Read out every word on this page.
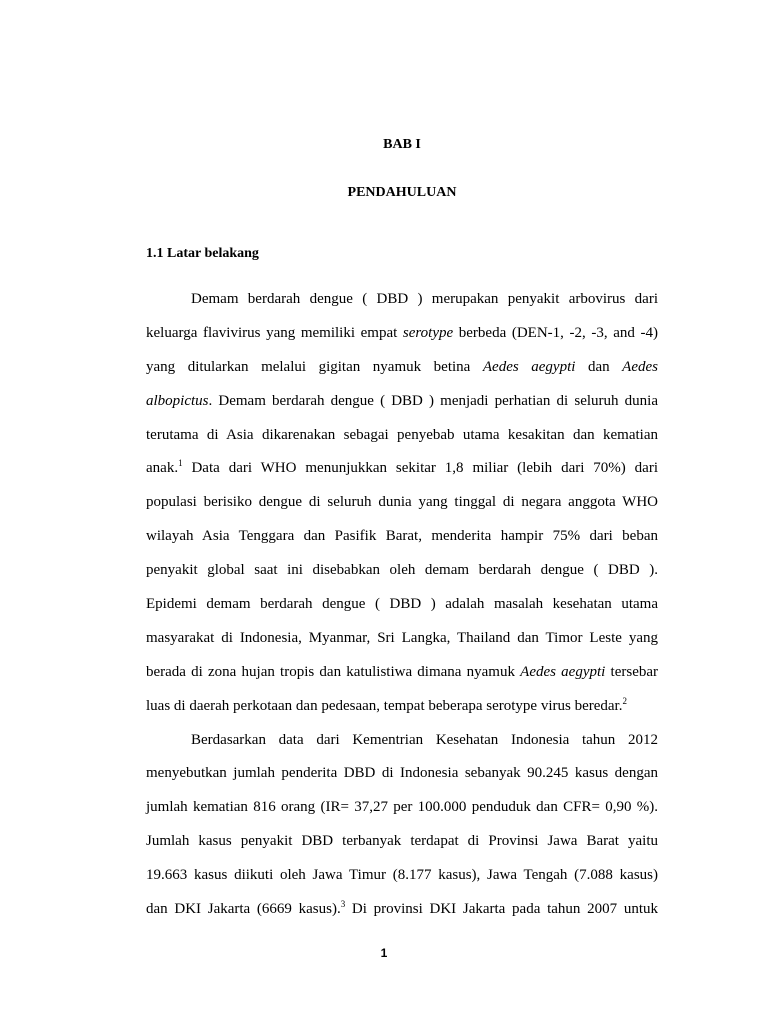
BAB I
PENDAHULUAN
1.1 Latar belakang
Demam berdarah dengue ( DBD ) merupakan penyakit arbovirus dari
keluarga flavivirus yang memiliki empat serotype berbeda (DEN-1, -2, -3, and -4)
yang ditularkan melalui gigitan nyamuk betina Aedes aegypti dan Aedes
albopictus. Demam berdarah dengue ( DBD ) menjadi perhatian di seluruh dunia
terutama di Asia dikarenakan sebagai penyebab utama kesakitan dan kematian
anak.$^1$ Data dari WHO menunjukkan sekitar 1,8 miliar (lebih dari 70%) dari
populasi berisiko dengue di seluruh dunia yang tinggal di negara anggota WHO
wilayah Asia Tenggara dan Pasifik Barat, menderita hampir 75% dari beban
penyakit global saat ini disebabkan oleh demam berdarah dengue ( DBD ).
Epidemi demam berdarah dengue ( DBD ) adalah masalah kesehatan utama
masyarakat di Indonesia, Myanmar, Sri Langka, Thailand dan Timor Leste yang
berada di zona hujan tropis dan katulistiwa dimana nyamuk Aedes aegypti tersebar
luas di daerah perkotaan dan pedesaan, tempat beberapa serotype virus beredar.$^2$
Berdasarkan data dari Kementrian Kesehatan Indonesia tahun 2012
menyebutkan jumlah penderita DBD di Indonesia sebanyak 90.245 kasus dengan
jumlah kematian 816 orang (IR= 37,27 per 100.000 penduduk dan CFR= 0,90 %).
Jumlah kasus penyakit DBD terbanyak terdapat di Provinsi Jawa Barat yaitu
19.663 kasus diikuti oleh Jawa Timur (8.177 kasus), Jawa Tengah (7.088 kasus)
dan DKI Jakarta (6669 kasus).$^3$ Di provinsi DKI Jakarta pada tahun 2007 untuk
1
